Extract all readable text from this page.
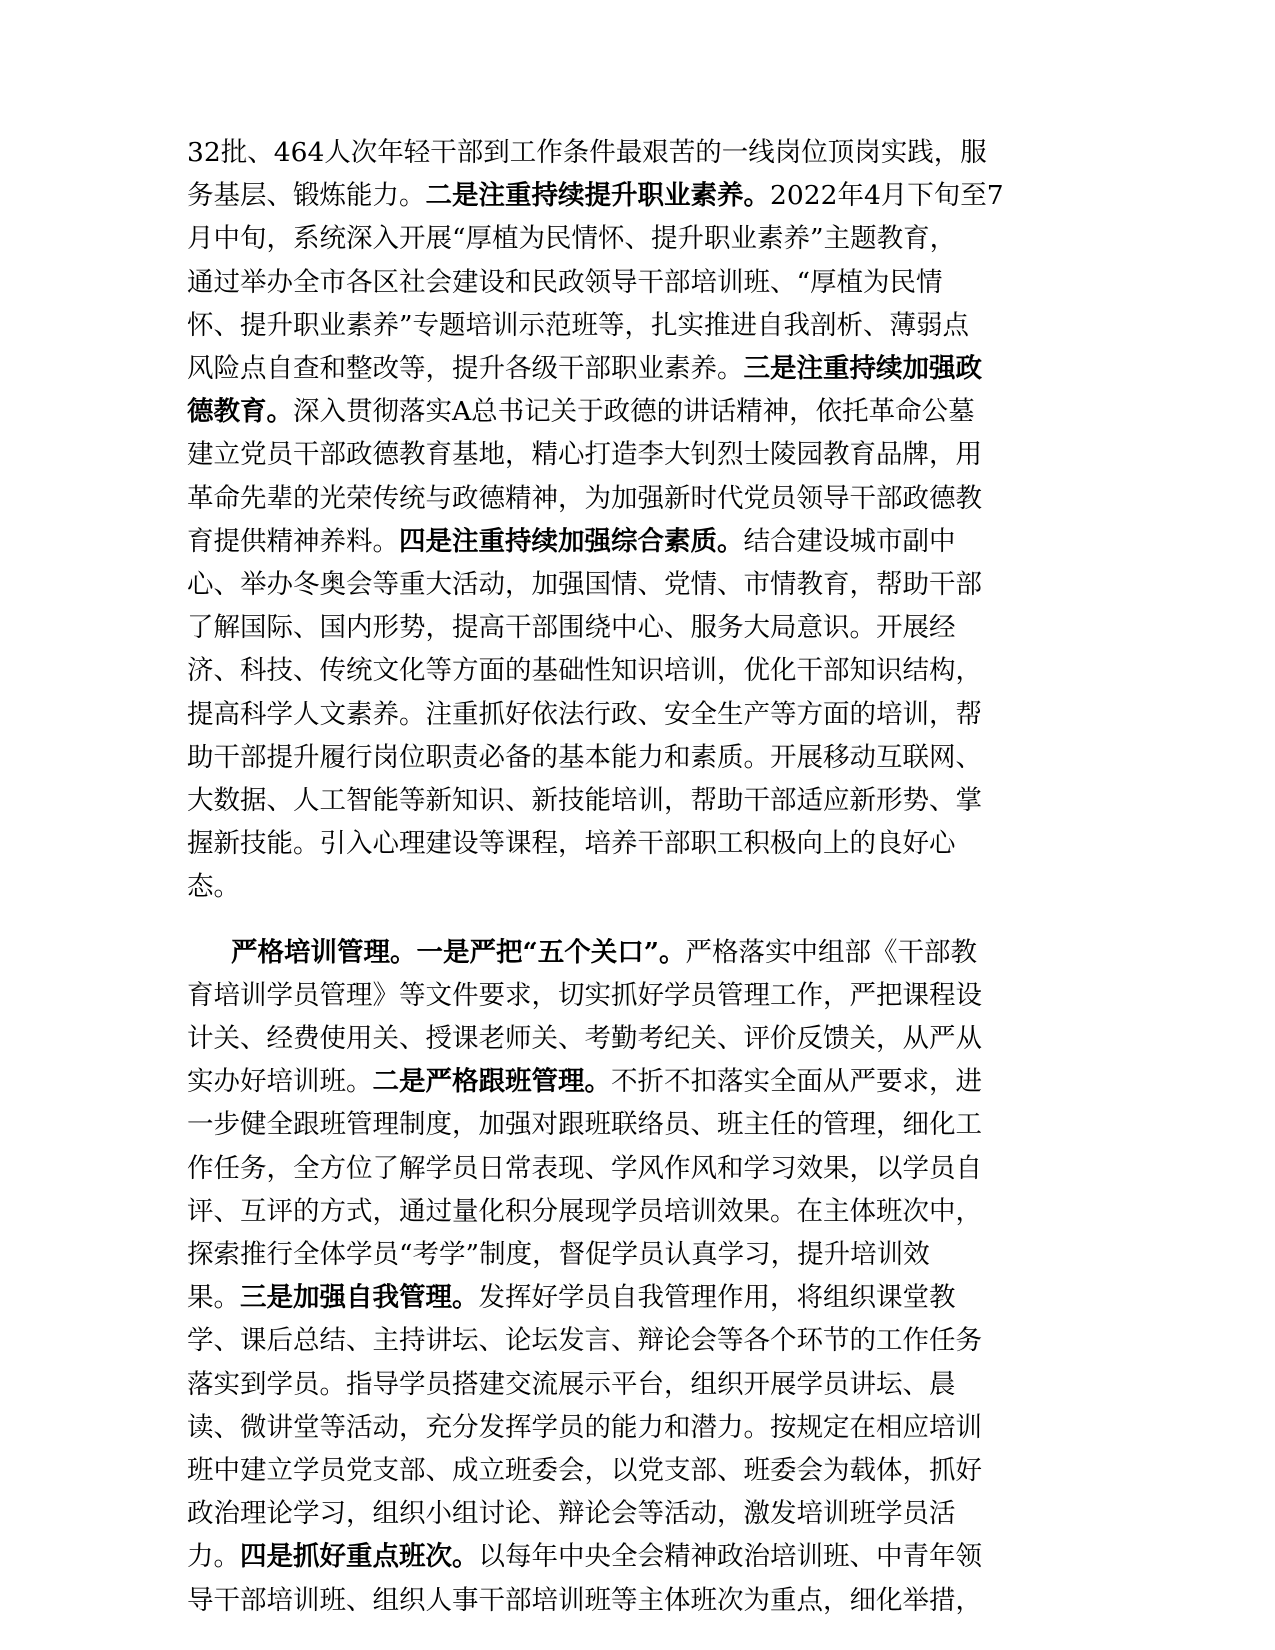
32批、464人次年轻干部到工作条件最艰苦的一线岗位顶岗实践，服
务基层、锻炼能力。二是注重持续提升职业素养。2022年4月下旬至7
月中旬，系统深入开展“厚植为民情怀、提升职业素养”主题教育，
通过举办全市各区社会建设和民政领导干部培训班、“厚植为民情
怀、提升职业素养”专题培训示范班等，扎实推进自我剖析、薄弱点
风险点自查和整改等，提升各级干部职业素养。三是注重持续加强政
德教育。深入贯彻落实A总书记关于政德的讲话精神，依托革命公墓
建立党员干部政德教育基地，精心打造李大钊烈士陵园教育品牌，用
革命先辈的光荣传统与政德精神，为加强新时代党员领导干部政德教
育提供精神养料。四是注重持续加强综合素质。结合建设城市副中
心、举办冬奥会等重大活动，加强国情、党情、市情教育，帮助干部
了解国际、国内形势，提高干部围绕中心、服务大局意识。开展经
济、科技、传统文化等方面的基础性知识培训，优化干部知识结构，
提高科学人文素养。注重抓好依法行政、安全生产等方面的培训，帮
助干部提升履行岗位职责必备的基本能力和素质。开展移动互联网、
大数据、人工智能等新知识、新技能培训，帮助干部适应新形势、掌
握新技能。引入心理建设等课程，培养干部职工积极向上的良好心
态。
严格培训管理。一是严把“五个关口”。严格落实中组部《干部教
育培训学员管理》等文件要求，切实抓好学员管理工作，严把课程设
计关、经费使用关、授课老师关、考勤考纪关、评价反馈关，从严从
实办好培训班。二是严格跟班管理。不折不扣落实全面从严要求，进
一步健全跟班管理制度，加强对跟班联络员、班主任的管理，细化工
作任务，全方位了解学员日常表现、学风作风和学习效果，以学员自
评、互评的方式，通过量化积分展现学员培训效果。在主体班次中，
探索推行全体学员“考学”制度，督促学员认真学习，提升培训效
果。三是加强自我管理。发挥好学员自我管理作用，将组织课堂教
学、课后总结、主持讲坛、论坛发言、辩论会等各个环节的工作任务
落实到学员。指导学员搭建交流展示平台，组织开展学员讲坛、晨
读、微讲堂等活动，充分发挥学员的能力和潜力。按规定在相应培训
班中建立学员党支部、成立班委会，以党支部、班委会为载体，抓好
政治理论学习，组织小组讨论、辩论会等活动，激发培训班学员活
力。四是抓好重点班次。以每年中央全会精神政治培训班、中青年领
导干部培训班、组织人事干部培训班等主体班次为重点，细化举措，
